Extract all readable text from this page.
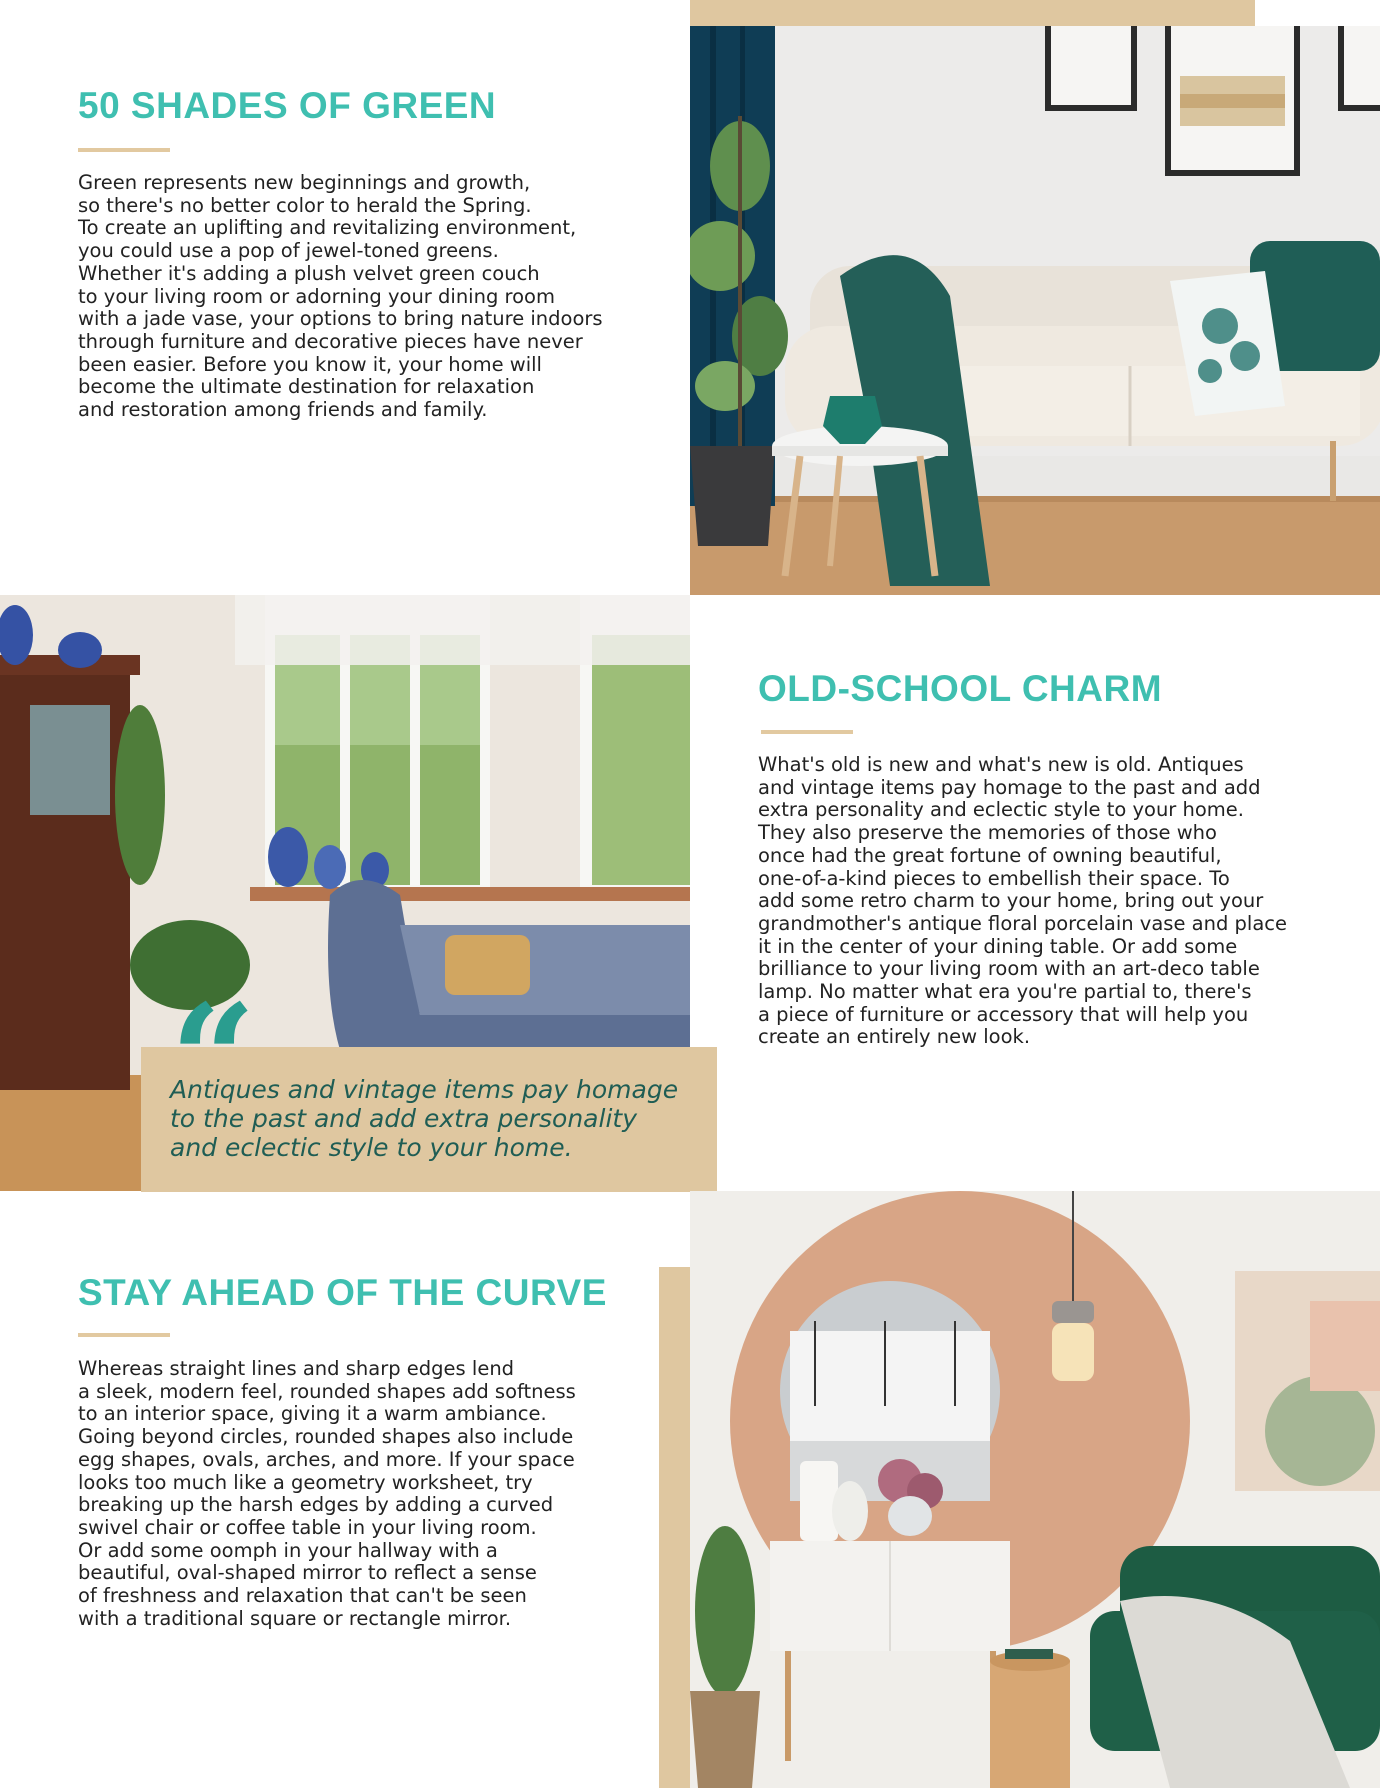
50 SHADES OF GREEN
Green represents new beginnings and growth,
so there's no better color to herald the Spring.
To create an uplifting and revitalizing environment,
you could use a pop of jewel-toned greens.
Whether it's adding a plush velvet green couch
to your living room or adorning your dining room
with a jade vase, your options to bring nature indoors
through furniture and decorative pieces have never
been easier. Before you know it, your home will
become the ultimate destination for relaxation
and restoration among friends and family.
“
Antiques and vintage items pay homage
to the past and add extra personality
and eclectic style to your home.
OLD-SCHOOL CHARM
What's old is new and what's new is old. Antiques
and vintage items pay homage to the past and add
extra personality and eclectic style to your home.
They also preserve the memories of those who
once had the great fortune of owning beautiful,
one-of-a-kind pieces to embellish their space. To
add some retro charm to your home, bring out your
grandmother's antique floral porcelain vase and place
it in the center of your dining table. Or add some
brilliance to your living room with an art-deco table
lamp. No matter what era you're partial to, there's
a piece of furniture or accessory that will help you
create an entirely new look.
STAY AHEAD OF THE CURVE
Whereas straight lines and sharp edges lend
a sleek, modern feel, rounded shapes add softness
to an interior space, giving it a warm ambiance.
Going beyond circles, rounded shapes also include
egg shapes, ovals, arches, and more. If your space
looks too much like a geometry worksheet, try
breaking up the harsh edges by adding a curved
swivel chair or coffee table in your living room.
Or add some oomph in your hallway with a
beautiful, oval-shaped mirror to reflect a sense
of freshness and relaxation that can't be seen
with a traditional square or rectangle mirror.
